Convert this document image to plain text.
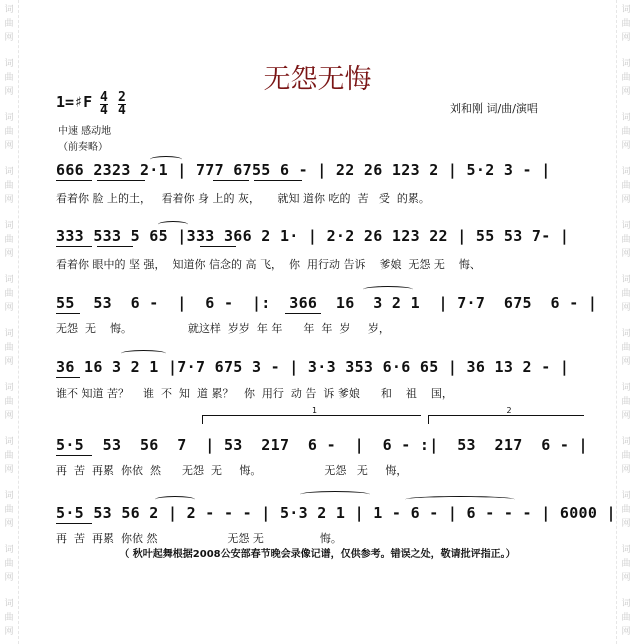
词
曲
网
词
曲
网
词
曲
网
词
曲
网
词
曲
网
词
曲
网
词
曲
网
词
曲
网
词
曲
网
词
曲
网
词
曲
网
词
曲
网
词
曲
网
词
曲
网
词
曲
网
词
曲
网
词
曲
网
词
曲
网
词
曲
网
词
曲
网
词
曲
网
词
曲
网
词
曲
网
词
曲
网
无怨无悔
1=♯F 4
4
2
4	刘和刚 词/曲/演唱
中速 感动地
（前奏略）
666 2323 2·1 | 777 6755 6 - | 22 26 123 2 | 5·2 3 - |
看着你 脸 上的土，   看着你 身 上的 灰，     就知 道你 吃的  苦   受  的累。
333 533 5 65 |333 366 2 1· | 2·2 26 123 22 | 55 53 7- |
看着你 眼中的 坚 强，  知道你 信念的 高 飞，  你  用行动 告诉    爹娘  无怨 无    悔、
55  53  6 -  |  6 -  |:  366  16  3 2 1  | 7·7  675  6 - |
无怨  无    悔。                就这样  岁岁  年 年      年  年  岁     岁，
36 16 3 2 1 |7·7 675 3 - | 3·3 353 6·6 65 | 36 13 2 - |
谁不 知道 苦？    谁  不  知  道 累？   你  用行  动 告  诉 爹娘      和    祖    国，
1	2
5·5  53  56  7  | 53  217  6 -  |  6 - :|  53  217  6 - |
再  苦  再累  你依  然      无怨  无     悔。                  无怨   无     悔，
5·5 53 56 2 | 2 - - - | 5·3 2 1 | 1 - 6 - | 6 - - - | 6000 |
再  苦  再累  你依 然                    无怨 无                悔。
（ 秋叶起舞根据2008公安部春节晚会录像记谱，仅供参考。错误之处，敬请批评指正。）
